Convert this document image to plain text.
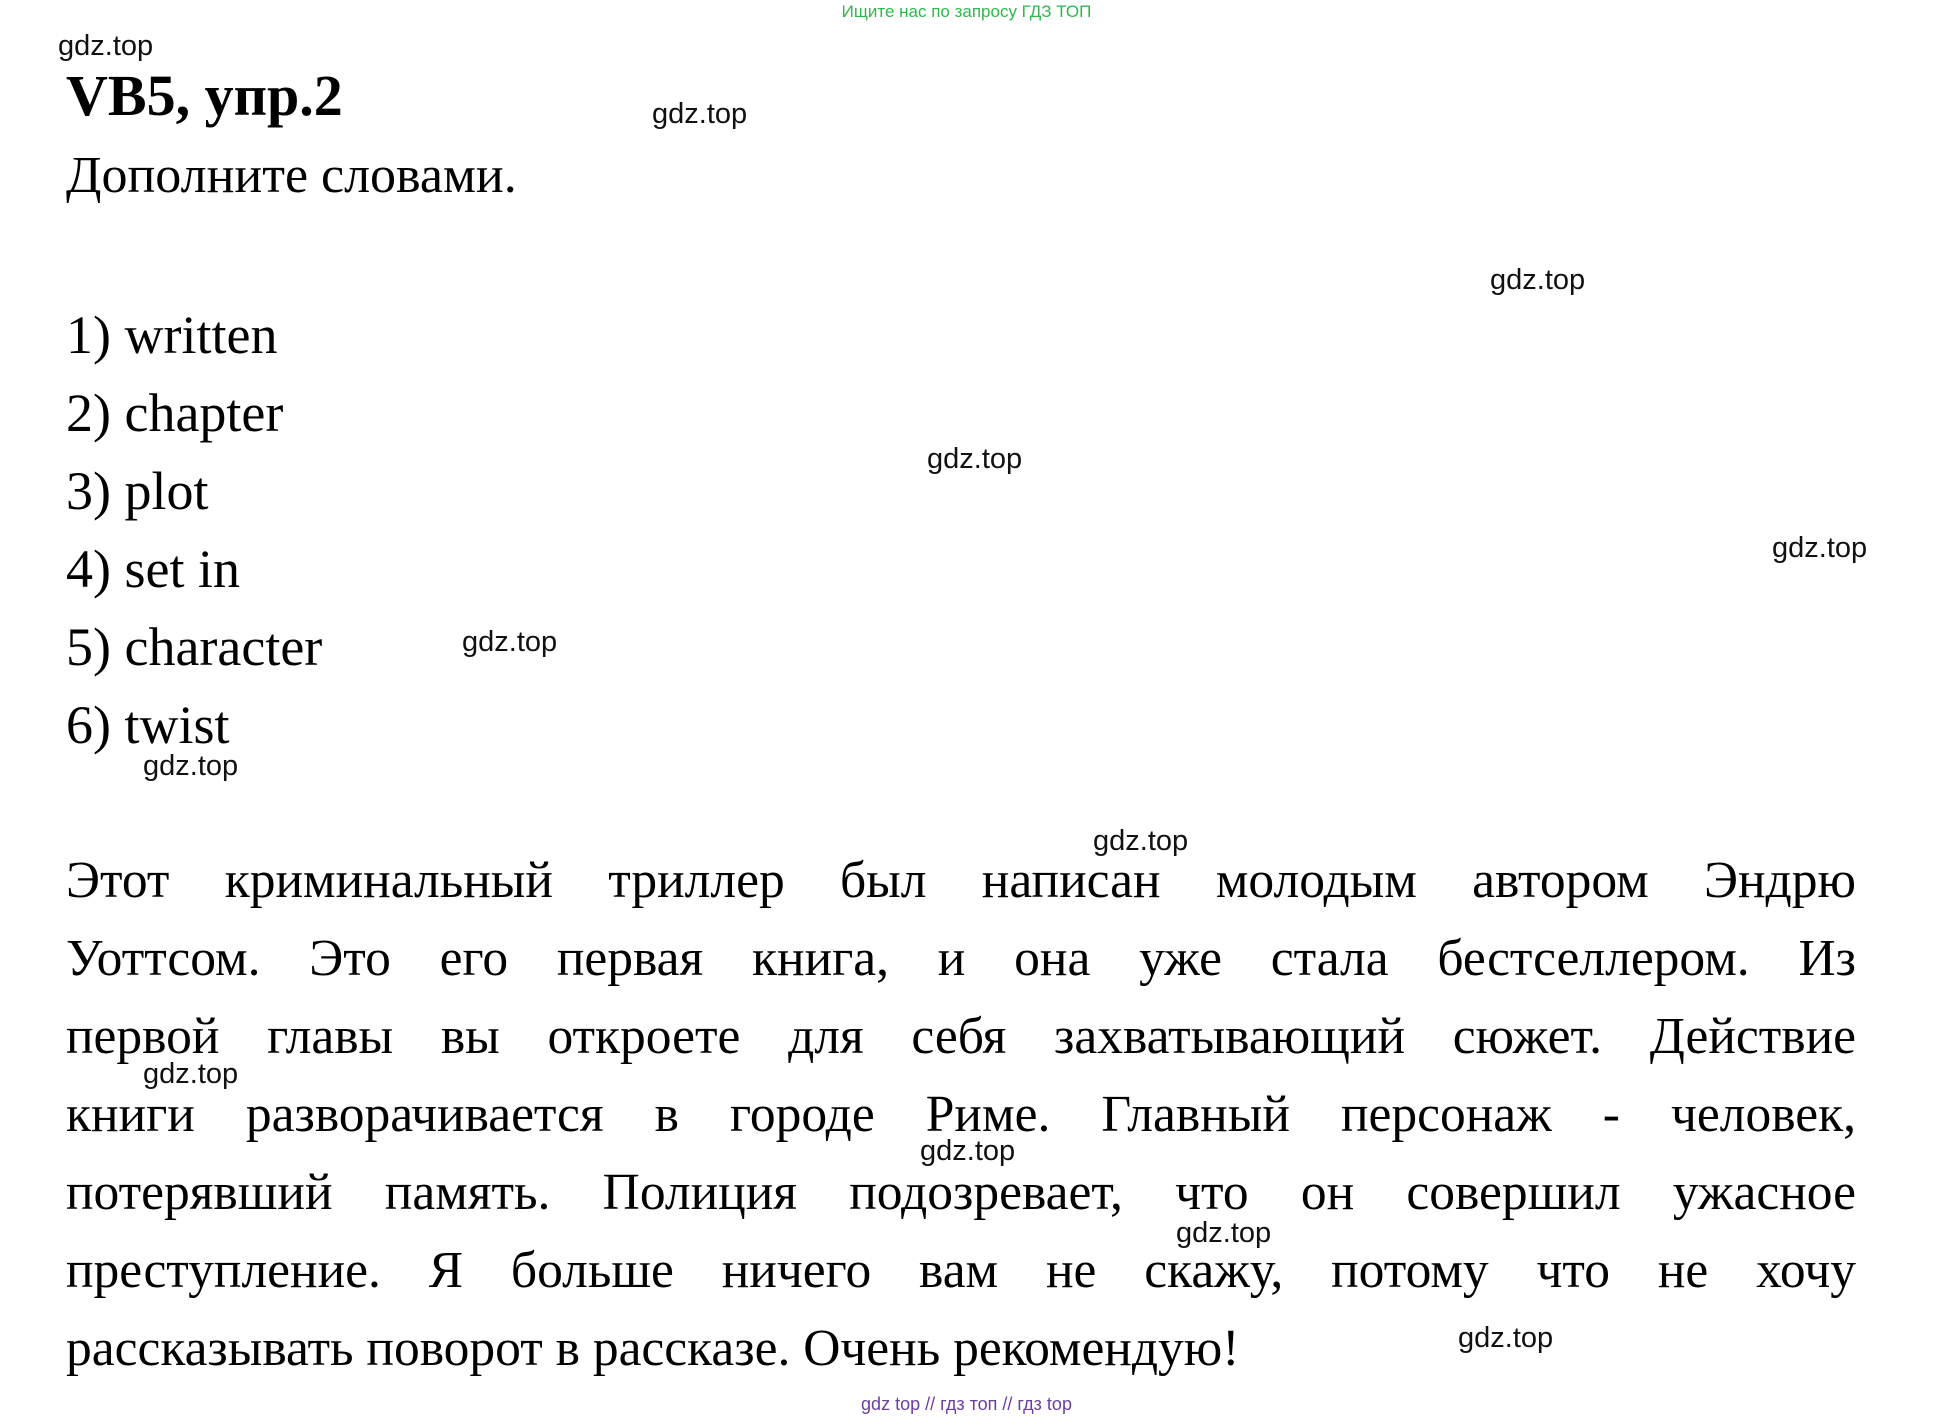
Ищите нас по запросу ГДЗ ТОП
VB5, упр.2
Дополните словами.
1) written
2) chapter
3) plot
4) set in
5) character
6) twist
Этот криминальный триллер был написан молодым автором Эндрю
Уоттсом. Это его первая книга, и она уже стала бестселлером. Из
первой главы вы откроете для себя захватывающий сюжет. Действие
книги разворачивается в городе Риме. Главный персонаж - человек,
потерявший память. Полиция подозревает, что он совершил ужасное
преступление. Я больше ничего вам не скажу, потому что не хочу
рассказывать поворот в рассказе. Очень рекомендую!
gdz.top
gdz.top
gdz.top
gdz.top
gdz.top
gdz.top
gdz.top
gdz.top
gdz.top
gdz.top
gdz.top
gdz.top
gdz top // гдз топ // гдз top
